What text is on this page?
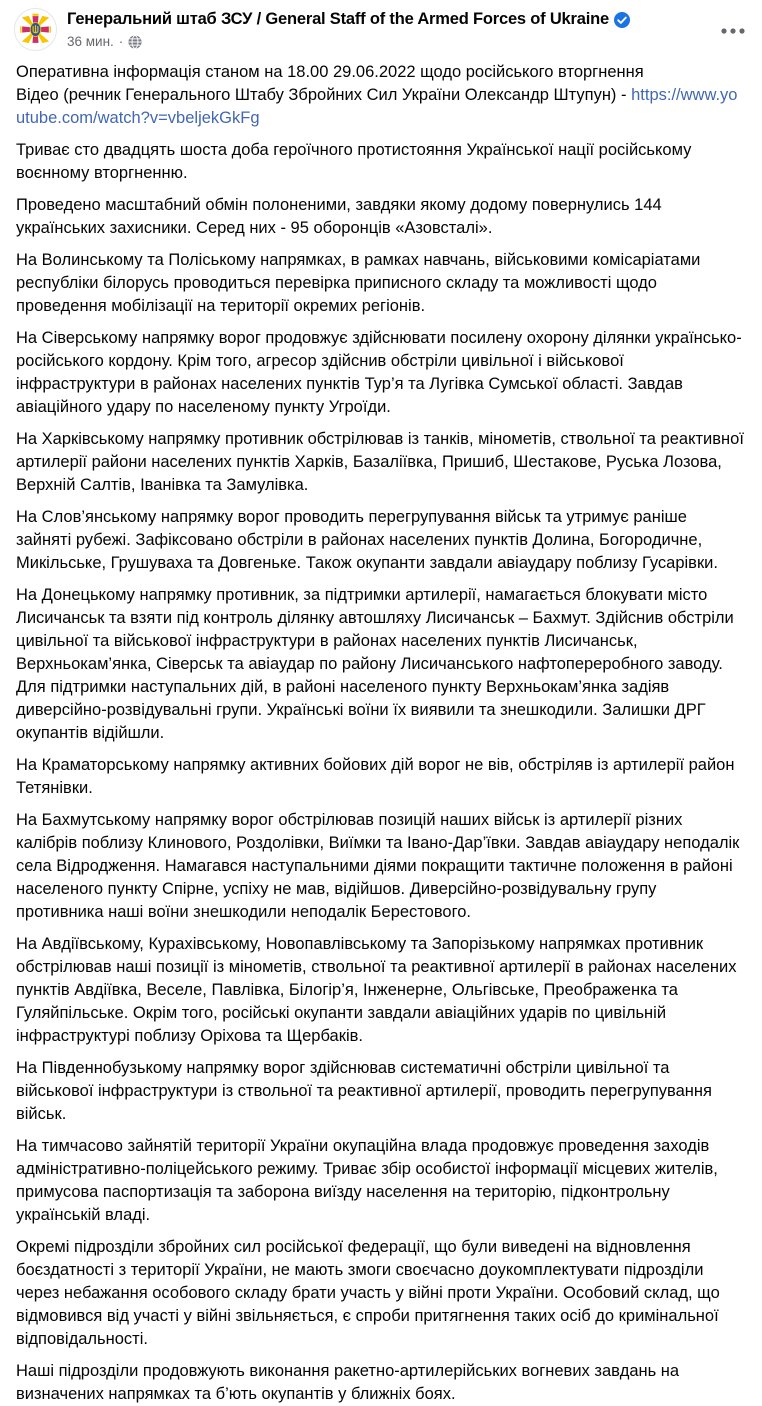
Генеральний штаб ЗСУ / General Staff of the Armed Forces of Ukraine
36 мин. ·

Оперативна інформація станом на 18.00 29.06.2022 щодо російського вторгнення
Відео (речник Генерального Штабу Збройних Сил України Олександр Штупун) - https://www.youtube.com/watch?v=vbeljekGkFg

Триває сто двадцять шоста доба героїчного протистояння Української нації російському воєнному вторгненню.

Проведено масштабний обмін полоненими, завдяки якому додому повернулись 144 українських захисники. Серед них - 95 оборонців «Азовсталі».

На Волинському та Поліському напрямках, в рамках навчань, військовими комісаріатами республіки білорусь проводиться перевірка приписного складу та можливості щодо проведення мобілізації на території окремих регіонів.

На Сіверському напрямку ворог продовжує здійснювати посилену охорону ділянки українсько-російського кордону. Крім того, агресор здійснив обстріли цивільної і військової інфраструктури в районах населених пунктів Тур’я та Лугівка Сумської області. Завдав авіаційного удару по населеному пункту Угроїди.

На Харківському напрямку противник обстрілював із танків, мінометів, ствольної та реактивної артилерії райони населених пунктів Харків, Базаліївка, Пришиб, Шестакове, Руська Лозова, Верхній Салтів, Іванівка та Замулівка.

На Слов’янському напрямку ворог проводить перегрупування військ та утримує раніше зайняті рубежі. Зафіксовано обстріли в районах населених пунктів Долина, Богородичне, Микільське, Грушуваха та Довгеньке. Також окупанти завдали авіаудару поблизу Гусарівки.

На Донецькому напрямку противник, за підтримки артилерії, намагається блокувати місто Лисичанськ та взяти під контроль ділянку автошляху Лисичанськ – Бахмут. Здійснив обстріли цивільної та військової інфраструктури в районах населених пунктів Лисичанськ, Верхньокам’янка, Сіверськ та авіаудар по району Лисичанського нафтопереробного заводу. Для підтримки наступальних дій, в районі населеного пункту Верхньокам’янка задіяв диверсійно-розвідувальні групи. Українські воїни їх виявили та знешкодили. Залишки ДРГ окупантів відійшли.

На Краматорському напрямку активних бойових дій ворог не вів, обстріляв із артилерії район Тетянівки.

На Бахмутському напрямку ворог обстрілював позицій наших військ із артилерії різних калібрів поблизу Клинового, Роздолівки, Виїмки та Івано-Дар’ївки. Завдав авіаудару неподалік села Відродження. Намагався наступальними діями покращити тактичне положення в районі населеного пункту Спірне, успіху не мав, відійшов. Диверсійно-розвідувальну групу противника наші воїни знешкодили неподалік Берестового.

На Авдіївському, Курахівському, Новопавлівському та Запорізькому напрямках противник обстрілював наші позиції із мінометів, ствольної та реактивної артилерії в районах населених пунктів Авдіївка, Веселе, Павлівка, Білогір’я, Інженерне, Ольгівське, Преображенка та Гуляйпільське. Окрім того, російські окупанти завдали авіаційних ударів по цивільній інфраструктурі поблизу Оріхова та Щербаків.

На Південнобузькому напрямку ворог здійснював систематичні обстріли цивільної та військової інфраструктури із ствольної та реактивної артилерії, проводить перегрупування військ.

На тимчасово зайнятій території України окупаційна влада продовжує проведення заходів адміністративно-поліцейського режиму. Триває збір особистої інформації місцевих жителів, примусова паспортизація та заборона виїзду населення на територію, підконтрольну українській владі.

Окремі підрозділи збройних сил російської федерації, що були виведені на відновлення боєздатності з території України, не мають змоги своєчасно доукомплектувати підрозділи через небажання особового складу брати участь у війні проти України. Особовий склад, що відмовився від участі у війні звільняється, є спроби притягнення таких осіб до кримінальної відповідальності.

Наші підрозділи продовжують виконання ракетно-артилерійських вогневих завдань на визначених напрямках та б’ють окупантів у ближніх боях.
